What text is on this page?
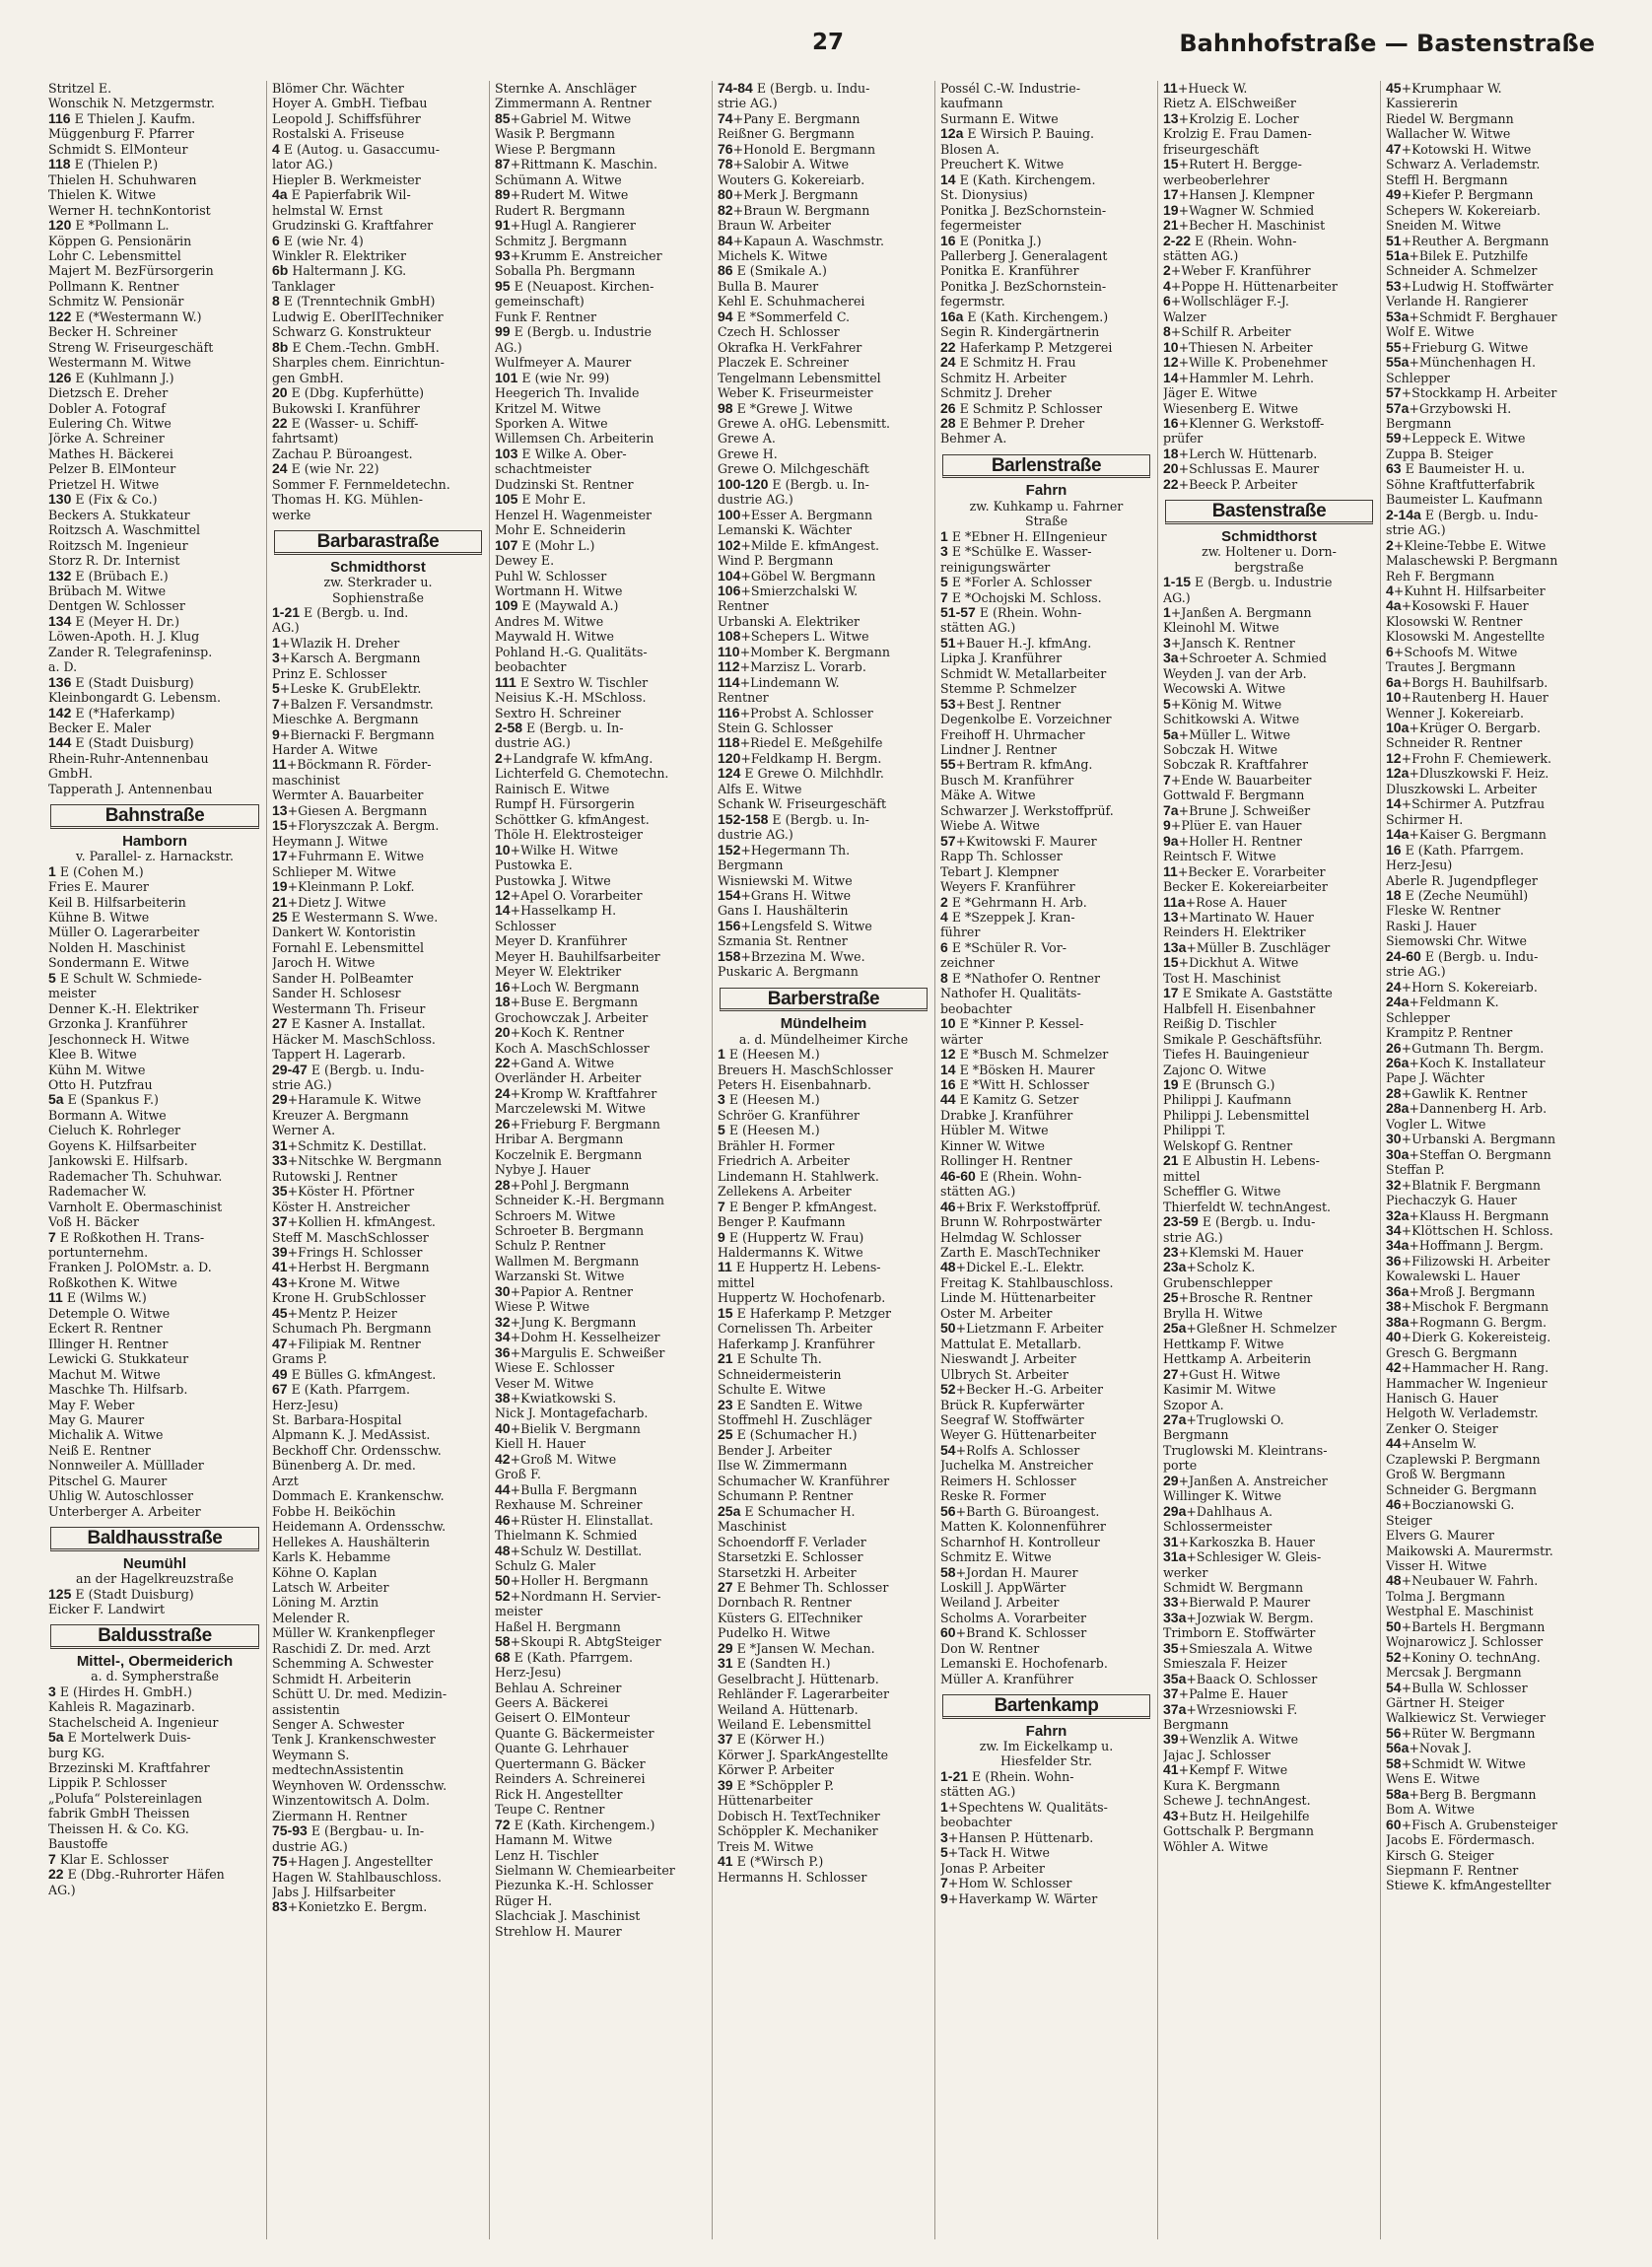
27	Bahnhofstraße — Bastenstraße
Stritzel E.
Wonschik N. Metzgermstr.
116 E Thielen J. Kaufm.
Müggenburg F. Pfarrer
Schmidt S. ElMonteur
118 E (Thielen P.)
Thielen H. Schuhwaren
Thielen K. Witwe
Werner H. technKontorist
120 E *Pollmann L.
Köppen G. Pensionärin
Lohr C. Lebensmittel
Majert M. BezFürsorgerin
Pollmann K. Rentner
Schmitz W. Pensionär
122 E (*Westermann W.)
Becker H. Schreiner
Streng W. Friseurgeschäft
Westermann M. Witwe
126 E (Kuhlmann J.)
Dietzsch E. Dreher
Dobler A. Fotograf
Eulering Ch. Witwe
Jörke A. Schreiner
Mathes H. Bäckerei
Pelzer B. ElMonteur
Prietzel H. Witwe
130 E (Fix & Co.)
Beckers A. Stukkateur
Roitzsch A. Waschmittel
Roitzsch M. Ingenieur
Storz R. Dr. Internist
132 E (Brübach E.)
Brübach M. Witwe
Dentgen W. Schlosser
134 E (Meyer H. Dr.)
Löwen-Apoth. H. J. Klug
Zander R. Telegrafeninsp.
a. D.
136 E (Stadt Duisburg)
Kleinbongardt G. Lebensm.
142 E (*Haferkamp)
Becker E. Maler
144 E (Stadt Duisburg)
Rhein-Ruhr-Antennenbau
GmbH.
Tapperath J. Antennenbau
Bahnstraße
Hamborn
v. Parallel- z. Harnackstr.
1 E (Cohen M.)
Fries E. Maurer
Keil B. Hilfsarbeiterin
Kühne B. Witwe
Müller O. Lagerarbeiter
Nolden H. Maschinist
Sondermann E. Witwe
5 E Schult W. Schmiede-
meister
Denner K.-H. Elektriker
Grzonka J. Kranführer
Jeschonneck H. Witwe
Klee B. Witwe
Kühn M. Witwe
Otto H. Putzfrau
5a E (Spankus F.)
Bormann A. Witwe
Cieluch K. Rohrleger
Goyens K. Hilfsarbeiter
Jankowski E. Hilfsarb.
Rademacher Th. Schuhwar.
Rademacher W.
Varnholt E. Obermaschinist
Voß H. Bäcker
7 E Roßkothen H. Trans-
portunternehm.
Franken J. PolOMstr. a. D.
Roßkothen K. Witwe
11 E (Wilms W.)
Detemple O. Witwe
Eckert R. Rentner
Illinger H. Rentner
Lewicki G. Stukkateur
Machut M. Witwe
Maschke Th. Hilfsarb.
May F. Weber
May G. Maurer
Michalik A. Witwe
Neiß E. Rentner
Nonnweiler A. Mülllader
Pitschel G. Maurer
Uhlig W. Autoschlosser
Unterberger A. Arbeiter
Baldhausstraße
Neumühl
an der Hagelkreuzstraße
125 E (Stadt Duisburg)
Eicker F. Landwirt
Baldusstraße
Mittel-, Obermeiderich
a. d. Sympherstraße
3 E (Hirdes H. GmbH.)
Kahleis R. Magazinarb.
Stachelscheid A. Ingenieur
5a E Mortelwerk Duis-
burg KG.
Brzezinski M. Kraftfahrer
Lippik P. Schlosser
„Polufa“ Polstereinlagen
fabrik GmbH Theissen
Theissen H. & Co. KG.
Baustoffe
7 Klar E. Schlosser
22 E (Dbg.-Ruhrorter Häfen
AG.)
Blömer Chr. Wächter
Hoyer A. GmbH. Tiefbau
Leopold J. Schiffsführer
Rostalski A. Friseuse
4 E (Autog. u. Gasaccumu-
lator AG.)
Hiepler B. Werkmeister
4a E Papierfabrik Wil-
helmstal W. Ernst
Grudzinski G. Kraftfahrer
6 E (wie Nr. 4)
Winkler R. Elektriker
6b Haltermann J. KG.
Tanklager
8 E (Trenntechnik GmbH)
Ludwig E. OberIITechniker
Schwarz G. Konstrukteur
8b E Chem.-Techn. GmbH.
Sharples chem. Einrichtun-
gen GmbH.
20 E (Dbg. Kupferhütte)
Bukowski I. Kranführer
22 E (Wasser- u. Schiff-
fahrtsamt)
Zachau P. Büroangest.
24 E (wie Nr. 22)
Sommer F. Fernmeldetechn.
Thomas H. KG. Mühlen-
werke
Barbarastraße
Schmidthorst
zw. Sterkrader u.
Sophienstraße
1-21 E (Bergb. u. Ind.
AG.)
1+Wlazik H. Dreher
3+Karsch A. Bergmann
Prinz E. Schlosser
5+Leske K. GrubElektr.
7+Balzen F. Versandmstr.
Mieschke A. Bergmann
9+Biernacki F. Bergmann
Harder A. Witwe
11+Böckmann R. Förder-
maschinist
Wermter A. Bauarbeiter
13+Giesen A. Bergmann
15+Floryszczak A. Bergm.
Heymann J. Witwe
17+Fuhrmann E. Witwe
Schlieper M. Witwe
19+Kleinmann P. Lokf.
21+Dietz J. Witwe
25 E Westermann S. Wwe.
Dankert W. Kontoristin
Fornahl E. Lebensmittel
Jaroch H. Witwe
Sander H. PolBeamter
Sander H. Schlosesr
Westermann Th. Friseur
27 E Kasner A. Installat.
Häcker M. MaschSchloss.
Tappert H. Lagerarb.
29-47 E (Bergb. u. Indu-
strie AG.)
29+Haramule K. Witwe
Kreuzer A. Bergmann
Werner A.
31+Schmitz K. Destillat.
33+Nitschke W. Bergmann
Rutowski J. Rentner
35+Köster H. Pförtner
Köster H. Anstreicher
37+Kollien H. kfmAngest.
Steff M. MaschSchlosser
39+Frings H. Schlosser
41+Herbst H. Bergmann
43+Krone M. Witwe
Krone H. GrubSchlosser
45+Mentz P. Heizer
Schumach Ph. Bergmann
47+Filipiak M. Rentner
Grams P.
49 E Bülles G. kfmAngest.
67 E (Kath. Pfarrgem.
Herz-Jesu)
St. Barbara-Hospital
Alpmann K. J. MedAssist.
Beckhoff Chr. Ordensschw.
Bünenberg A. Dr. med.
Arzt
Dommach E. Krankenschw.
Fobbe H. Beiköchin
Heidemann A. Ordensschw.
Hellekes A. Haushälterin
Karls K. Hebamme
Köhne O. Kaplan
Latsch W. Arbeiter
Löning M. Arztin
Melender R.
Müller W. Krankenpfleger
Raschidi Z. Dr. med. Arzt
Schemming A. Schwester
Schmidt H. Arbeiterin
Schütt U. Dr. med. Medizin-
assistentin
Senger A. Schwester
Tenk J. Krankenschwester
Weymann S.
medtechnAssistentin
Weynhoven W. Ordensschw.
Winzentowitsch A. Dolm.
Ziermann H. Rentner
75-93 E (Bergbau- u. In-
dustrie AG.)
75+Hagen J. Angestellter
Hagen W. Stahlbauschloss.
Jabs J. Hilfsarbeiter
83+Konietzko E. Bergm.
Sternke A. Anschläger
Zimmermann A. Rentner
85+Gabriel M. Witwe
Wasik P. Bergmann
Wiese P. Bergmann
87+Rittmann K. Maschin.
Schümann A. Witwe
89+Rudert M. Witwe
Rudert R. Bergmann
91+Hugl A. Rangierer
Schmitz J. Bergmann
93+Krumm E. Anstreicher
Soballa Ph. Bergmann
95 E (Neuapost. Kirchen-
gemeinschaft)
Funk F. Rentner
99 E (Bergb. u. Industrie
AG.)
Wulfmeyer A. Maurer
101 E (wie Nr. 99)
Heegerich Th. Invalide
Kritzel M. Witwe
Sporken A. Witwe
Willemsen Ch. Arbeiterin
103 E Wilke A. Ober-
schachtmeister
Dudzinski St. Rentner
105 E Mohr E.
Henzel H. Wagenmeister
Mohr E. Schneiderin
107 E (Mohr L.)
Dewey E.
Puhl W. Schlosser
Wortmann H. Witwe
109 E (Maywald A.)
Andres M. Witwe
Maywald H. Witwe
Pohland H.-G. Qualitäts-
beobachter
111 E Sextro W. Tischler
Neisius K.-H. MSchloss.
Sextro H. Schreiner
2-58 E (Bergb. u. In-
dustrie AG.)
2+Landgrafe W. kfmAng.
Lichterfeld G. Chemotechn.
Rainisch E. Witwe
Rumpf H. Fürsorgerin
Schöttker G. kfmAngest.
Thöle H. Elektrosteiger
10+Wilke H. Witwe
Pustowka E.
Pustowka J. Witwe
12+Apel O. Vorarbeiter
14+Hasselkamp H.
Schlosser
Meyer D. Kranführer
Meyer H. Bauhilfsarbeiter
Meyer W. Elektriker
16+Loch W. Bergmann
18+Buse E. Bergmann
Grochowczak J. Arbeiter
20+Koch K. Rentner
Koch A. MaschSchlosser
22+Gand A. Witwe
Overländer H. Arbeiter
24+Kromp W. Kraftfahrer
Marczelewski M. Witwe
26+Frieburg F. Bergmann
Hribar A. Bergmann
Koczelnik E. Bergmann
Nybye J. Hauer
28+Pohl J. Bergmann
Schneider K.-H. Bergmann
Schroers M. Witwe
Schroeter B. Bergmann
Schulz P. Rentner
Wallmen M. Bergmann
Warzanski St. Witwe
30+Papior A. Rentner
Wiese P. Witwe
32+Jung K. Bergmann
34+Dohm H. Kesselheizer
36+Margulis E. Schweißer
Wiese E. Schlosser
Veser M. Witwe
38+Kwiatkowski S.
Nick J. Montagefacharb.
40+Bielik V. Bergmann
Kiell H. Hauer
42+Groß M. Witwe
Groß F.
44+Bulla F. Bergmann
Rexhause M. Schreiner
46+Rüster H. Elinstallat.
Thielmann K. Schmied
48+Schulz W. Destillat.
Schulz G. Maler
50+Holler H. Bergmann
52+Nordmann H. Servier-
meister
Haßel H. Bergmann
58+Skoupi R. AbtgSteiger
68 E (Kath. Pfarrgem.
Herz-Jesu)
Behlau A. Schreiner
Geers A. Bäckerei
Geisert O. ElMonteur
Quante G. Bäckermeister
Quante G. Lehrhauer
Quertermann G. Bäcker
Reinders A. Schreinerei
Rick H. Angestellter
Teupe C. Rentner
72 E (Kath. Kirchengem.)
Hamann M. Witwe
Lenz H. Tischler
Sielmann W. Chemiearbeiter
Piezunka K.-H. Schlosser
Rüger H.
Slachciak J. Maschinist
Strehlow H. Maurer
74-84 E (Bergb. u. Indu-
strie AG.)
74+Pany E. Bergmann
Reißner G. Bergmann
76+Honold E. Bergmann
78+Salobir A. Witwe
Wouters G. Kokereiarb.
80+Merk J. Bergmann
82+Braun W. Bergmann
Braun W. Arbeiter
84+Kapaun A. Waschmstr.
Michels K. Witwe
86 E (Smikale A.)
Bulla B. Maurer
Kehl E. Schuhmacherei
94 E *Sommerfeld C.
Czech H. Schlosser
Okrafka H. VerkFahrer
Placzek E. Schreiner
Tengelmann Lebensmittel
Weber K. Friseurmeister
98 E *Grewe J. Witwe
Grewe A. oHG. Lebensmitt.
Grewe A.
Grewe H.
Grewe O. Milchgeschäft
100-120 E (Bergb. u. In-
dustrie AG.)
100+Esser A. Bergmann
Lemanski K. Wächter
102+Milde E. kfmAngest.
Wind P. Bergmann
104+Göbel W. Bergmann
106+Smierzchalski W.
Rentner
Urbanski A. Elektriker
108+Schepers L. Witwe
110+Momber K. Bergmann
112+Marzisz L. Vorarb.
114+Lindemann W.
Rentner
116+Probst A. Schlosser
Stein G. Schlosser
118+Riedel E. Meßgehilfe
120+Feldkamp H. Bergm.
124 E Grewe O. Milchhdlr.
Alfs E. Witwe
Schank W. Friseurgeschäft
152-158 E (Bergb. u. In-
dustrie AG.)
152+Hegermann Th.
Bergmann
Wisniewski M. Witwe
154+Grans H. Witwe
Gans I. Haushälterin
156+Lengsfeld S. Witwe
Szmania St. Rentner
158+Brzezina M. Wwe.
Puskaric A. Bergmann
Barberstraße
Mündelheim
a. d. Mündelheimer Kirche
1 E (Heesen M.)
Breuers H. MaschSchlosser
Peters H. Eisenbahnarb.
3 E (Heesen M.)
Schröer G. Kranführer
5 E (Heesen M.)
Brähler H. Former
Friedrich A. Arbeiter
Lindemann H. Stahlwerk.
Zellekens A. Arbeiter
7 E Benger P. kfmAngest.
Benger P. Kaufmann
9 E (Huppertz W. Frau)
Haldermanns K. Witwe
11 E Huppertz H. Lebens-
mittel
Huppertz W. Hochofenarb.
15 E Haferkamp P. Metzger
Cornelissen Th. Arbeiter
Haferkamp J. Kranführer
21 E Schulte Th.
Schneidermeisterin
Schulte E. Witwe
23 E Sandten E. Witwe
Stoffmehl H. Zuschläger
25 E (Schumacher H.)
Bender J. Arbeiter
Ilse W. Zimmermann
Schumacher W. Kranführer
Schumann P. Rentner
25a E Schumacher H.
Maschinist
Schoendorff F. Verlader
Starsetzki E. Schlosser
Starsetzki H. Arbeiter
27 E Behmer Th. Schlosser
Dornbach R. Rentner
Küsters G. ElTechniker
Pudelko H. Witwe
29 E *Jansen W. Mechan.
31 E (Sandten H.)
Geselbracht J. Hüttenarb.
Rehländer F. Lagerarbeiter
Weiland A. Hüttenarb.
Weiland E. Lebensmittel
37 E (Körwer H.)
Körwer J. SparkAngestellte
Körwer P. Arbeiter
39 E *Schöppler P.
Hüttenarbeiter
Dobisch H. TextTechniker
Schöppler K. Mechaniker
Treis M. Witwe
41 E (*Wirsch P.)
Hermanns H. Schlosser
Possél C.-W. Industrie-
kaufmann
Surmann E. Witwe
12a E Wirsich P. Bauing.
Blosen A.
Preuchert K. Witwe
14 E (Kath. Kirchengem.
St. Dionysius)
Ponitka J. BezSchornstein-
fegermeister
16 E (Ponitka J.)
Pallerberg J. Generalagent
Ponitka E. Kranführer
Ponitka J. BezSchornstein-
fegermstr.
16a E (Kath. Kirchengem.)
Segin R. Kindergärtnerin
22 Haferkamp P. Metzgerei
24 E Schmitz H. Frau
Schmitz H. Arbeiter
Schmitz J. Dreher
26 E Schmitz P. Schlosser
28 E Behmer P. Dreher
Behmer A.
Barlenstraße
Fahrn
zw. Kuhkamp u. Fahrner
Straße
1 E *Ebner H. ElIngenieur
3 E *Schülke E. Wasser-
reinigungswärter
5 E *Forler A. Schlosser
7 E *Ochojski M. Schloss.
51-57 E (Rhein. Wohn-
stätten AG.)
51+Bauer H.-J. kfmAng.
Lipka J. Kranführer
Schmidt W. Metallarbeiter
Stemme P. Schmelzer
53+Best J. Rentner
Degenkolbe E. Vorzeichner
Freihoff H. Uhrmacher
Lindner J. Rentner
55+Bertram R. kfmAng.
Busch M. Kranführer
Mäke A. Witwe
Schwarzer J. Werkstoffprüf.
Wiebe A. Witwe
57+Kwitowski F. Maurer
Rapp Th. Schlosser
Tebart J. Klempner
Weyers F. Kranführer
2 E *Gehrmann H. Arb.
4 E *Szeppek J. Kran-
führer
6 E *Schüler R. Vor-
zeichner
8 E *Nathofer O. Rentner
Nathofer H. Qualitäts-
beobachter
10 E *Kinner P. Kessel-
wärter
12 E *Busch M. Schmelzer
14 E *Bösken H. Maurer
16 E *Witt H. Schlosser
44 E Kamitz G. Setzer
Drabke J. Kranführer
Hübler M. Witwe
Kinner W. Witwe
Rollinger H. Rentner
46-60 E (Rhein. Wohn-
stätten AG.)
46+Brix F. Werkstoffprüf.
Brunn W. Rohrpostwärter
Helmdag W. Schlosser
Zarth E. MaschTechniker
48+Dickel E.-L. Elektr.
Freitag K. Stahlbauschloss.
Linde M. Hüttenarbeiter
Oster M. Arbeiter
50+Lietzmann F. Arbeiter
Mattulat E. Metallarb.
Nieswandt J. Arbeiter
Ulbrych St. Arbeiter
52+Becker H.-G. Arbeiter
Brück R. Kupferwärter
Seegraf W. Stoffwärter
Weyer G. Hüttenarbeiter
54+Rolfs A. Schlosser
Juchelka M. Anstreicher
Reimers H. Schlosser
Reske R. Former
56+Barth G. Büroangest.
Matten K. Kolonnenführer
Scharnhof H. Kontrolleur
Schmitz E. Witwe
58+Jordan H. Maurer
Loskill J. AppWärter
Weiland J. Arbeiter
Scholms A. Vorarbeiter
60+Brand K. Schlosser
Don W. Rentner
Lemanski E. Hochofenarb.
Müller A. Kranführer
Bartenkamp
Fahrn
zw. Im Eickelkamp u.
Hiesfelder Str.
1-21 E (Rhein. Wohn-
stätten AG.)
1+Spechtens W. Qualitäts-
beobachter
3+Hansen P. Hüttenarb.
5+Tack H. Witwe
Jonas P. Arbeiter
7+Hom W. Schlosser
9+Haverkamp W. Wärter
11+Hueck W.
Rietz A. ElSchweißer
13+Krolzig E. Locher
Krolzig E. Frau Damen-
friseurgeschäft
15+Rutert H. Bergge-
werbeoberlehrer
17+Hansen J. Klempner
19+Wagner W. Schmied
21+Becher H. Maschinist
2-22 E (Rhein. Wohn-
stätten AG.)
2+Weber F. Kranführer
4+Poppe H. Hüttenarbeiter
6+Wollschläger F.-J.
Walzer
8+Schilf R. Arbeiter
10+Thiesen N. Arbeiter
12+Wille K. Probenehmer
14+Hammler M. Lehrh.
Jäger E. Witwe
Wiesenberg E. Witwe
16+Klenner G. Werkstoff-
prüfer
18+Lerch W. Hüttenarb.
20+Schlussas E. Maurer
22+Beeck P. Arbeiter
Bastenstraße
Schmidthorst
zw. Holtener u. Dorn-
bergstraße
1-15 E (Bergb. u. Industrie
AG.)
1+Janßen A. Bergmann
Kleinohl M. Witwe
3+Jansch K. Rentner
3a+Schroeter A. Schmied
Weyden J. van der Arb.
Wecowski A. Witwe
5+König M. Witwe
Schitkowski A. Witwe
5a+Müller L. Witwe
Sobczak H. Witwe
Sobczak R. Kraftfahrer
7+Ende W. Bauarbeiter
Gottwald F. Bergmann
7a+Brune J. Schweißer
9+Plüer E. van Hauer
9a+Holler H. Rentner
Reintsch F. Witwe
11+Becker E. Vorarbeiter
Becker E. Kokereiarbeiter
11a+Rose A. Hauer
13+Martinato W. Hauer
Reinders H. Elektriker
13a+Müller B. Zuschläger
15+Dickhut A. Witwe
Tost H. Maschinist
17 E Smikate A. Gaststätte
Halbfell H. Eisenbahner
Reißig D. Tischler
Smikale P. Geschäftsführ.
Tiefes H. Bauingenieur
Zajonc O. Witwe
19 E (Brunsch G.)
Philippi J. Kaufmann
Philippi J. Lebensmittel
Philippi T.
Welskopf G. Rentner
21 E Albustin H. Lebens-
mittel
Scheffler G. Witwe
Thierfeldt W. technAngest.
23-59 E (Bergb. u. Indu-
strie AG.)
23+Klemski M. Hauer
23a+Scholz K.
Grubenschlepper
25+Brosche R. Rentner
Brylla H. Witwe
25a+Gleßner H. Schmelzer
Hettkamp F. Witwe
Hettkamp A. Arbeiterin
27+Gust H. Witwe
Kasimir M. Witwe
Szopor A.
27a+Truglowski O.
Bergmann
Truglowski M. Kleintrans-
porte
29+Janßen A. Anstreicher
Willinger K. Witwe
29a+Dahlhaus A.
Schlossermeister
31+Karkoszka B. Hauer
31a+Schlesiger W. Gleis-
werker
Schmidt W. Bergmann
33+Bierwald P. Maurer
33a+Jozwiak W. Bergm.
Trimborn E. Stoffwärter
35+Smieszala A. Witwe
Smieszala F. Heizer
35a+Baack O. Schlosser
37+Palme E. Hauer
37a+Wrzesniowski F.
Bergmann
39+Wenzlik A. Witwe
Jajac J. Schlosser
41+Kempf F. Witwe
Kura K. Bergmann
Schewe J. technAngest.
43+Butz H. Heilgehilfe
Gottschalk P. Bergmann
Wöhler A. Witwe
45+Krumphaar W.
Kassiererin
Riedel W. Bergmann
Wallacher W. Witwe
47+Kotowski H. Witwe
Schwarz A. Verlademstr.
Steffl H. Bergmann
49+Kiefer P. Bergmann
Schepers W. Kokereiarb.
Sneiden M. Witwe
51+Reuther A. Bergmann
51a+Bilek E. Putzhilfe
Schneider A. Schmelzer
53+Ludwig H. Stoffwärter
Verlande H. Rangierer
53a+Schmidt F. Berghauer
Wolf E. Witwe
55+Frieburg G. Witwe
55a+Münchenhagen H.
Schlepper
57+Stockkamp H. Arbeiter
57a+Grzybowski H.
Bergmann
59+Leppeck E. Witwe
Zuppa B. Steiger
63 E Baumeister H. u.
Söhne Kraftfutterfabrik
Baumeister L. Kaufmann
2-14a E (Bergb. u. Indu-
strie AG.)
2+Kleine-Tebbe E. Witwe
Malaschewski P. Bergmann
Reh F. Bergmann
4+Kuhnt H. Hilfsarbeiter
4a+Kosowski F. Hauer
Klosowski W. Rentner
Klosowski M. Angestellte
6+Schoofs M. Witwe
Trautes J. Bergmann
6a+Borgs H. Bauhilfsarb.
10+Rautenberg H. Hauer
Wenner J. Kokereiarb.
10a+Krüger O. Bergarb.
Schneider R. Rentner
12+Frohn F. Chemiewerk.
12a+Dluszkowski F. Heiz.
Dluszkowski L. Arbeiter
14+Schirmer A. Putzfrau
Schirmer H.
14a+Kaiser G. Bergmann
16 E (Kath. Pfarrgem.
Herz-Jesu)
Aberle R. Jugendpfleger
18 E (Zeche Neumühl)
Fleske W. Rentner
Raski J. Hauer
Siemowski Chr. Witwe
24-60 E (Bergb. u. Indu-
strie AG.)
24+Horn S. Kokereiarb.
24a+Feldmann K.
Schlepper
Krampitz P. Rentner
26+Gutmann Th. Bergm.
26a+Koch K. Installateur
Pape J. Wächter
28+Gawlik K. Rentner
28a+Dannenberg H. Arb.
Vogler L. Witwe
30+Urbanski A. Bergmann
30a+Steffan O. Bergmann
Steffan P.
32+Blatnik F. Bergmann
Piechaczyk G. Hauer
32a+Klauss H. Bergmann
34+Klöttschen H. Schloss.
34a+Hoffmann J. Bergm.
36+Filizowski H. Arbeiter
Kowalewski L. Hauer
36a+Mroß J. Bergmann
38+Mischok F. Bergmann
38a+Rogmann G. Bergm.
40+Dierk G. Kokereisteig.
Gresch G. Bergmann
42+Hammacher H. Rang.
Hammacher W. Ingenieur
Hanisch G. Hauer
Helgoth W. Verlademstr.
Zenker O. Steiger
44+Anselm W.
Czaplewski P. Bergmann
Groß W. Bergmann
Schneider G. Bergmann
46+Boczianowski G.
Steiger
Elvers G. Maurer
Maikowski A. Maurermstr.
Visser H. Witwe
48+Neubauer W. Fahrh.
Tolma J. Bergmann
Westphal E. Maschinist
50+Bartels H. Bergmann
Wojnarowicz J. Schlosser
52+Koniny O. technAng.
Mercsak J. Bergmann
54+Bulla W. Schlosser
Gärtner H. Steiger
Walkiewicz St. Verwieger
56+Rüter W. Bergmann
56a+Novak J.
58+Schmidt W. Witwe
Wens E. Witwe
58a+Berg B. Bergmann
Bom A. Witwe
60+Fisch A. Grubensteiger
Jacobs E. Fördermasch.
Kirsch G. Steiger
Siepmann F. Rentner
Stiewe K. kfmAngestellter
